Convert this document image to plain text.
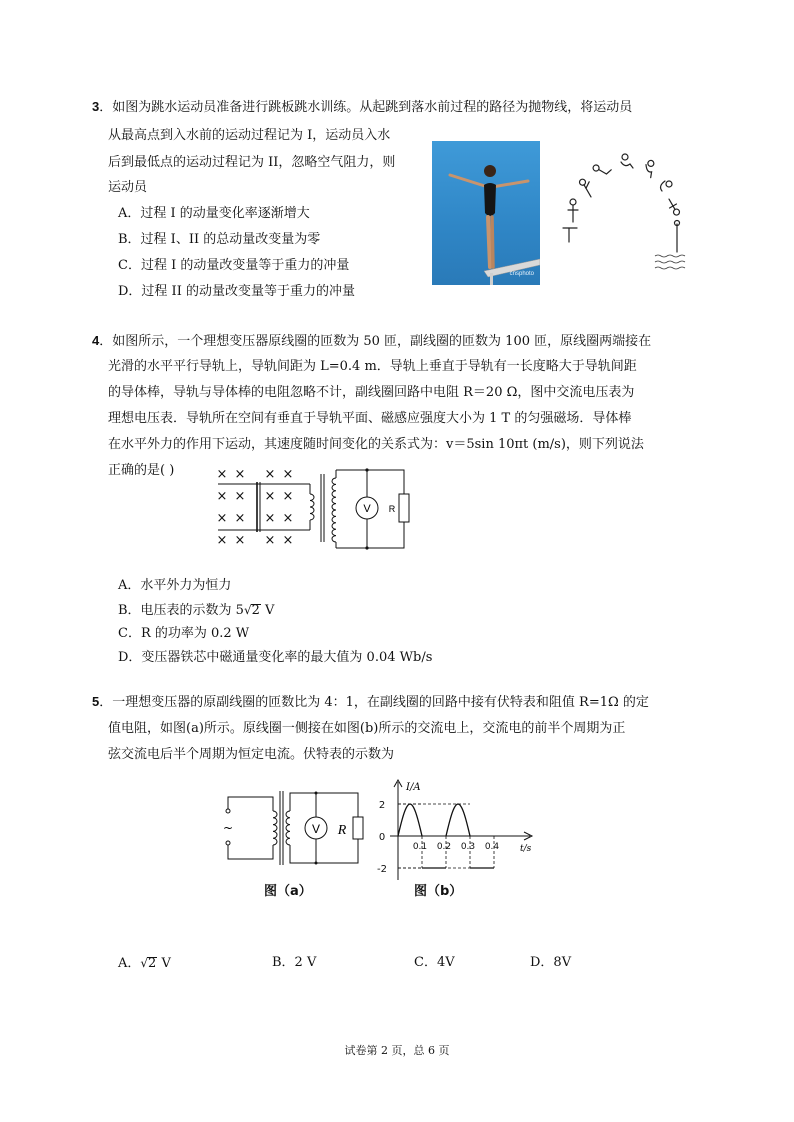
3．如图为跳水运动员准备进行跳板跳水训练。从起跳到落水前过程的路径为抛物线，将运动员
从最高点到入水前的运动过程记为 I，运动员入水
后到最低点的运动过程记为 II，忽略空气阻力，则
运动员
A．过程 I 的动量变化率逐渐增大
B．过程 I、II 的总动量改变量为零
C．过程 I 的动量改变量等于重力的冲量
D．过程 II 的动量改变量等于重力的冲量
cnsphoto
4．如图所示，一个理想变压器原线圈的匝数为 50 匝，副线圈的匝数为 100 匝，原线圈两端接在
光滑的水平平行导轨上，导轨间距为 L=0.4 m．导轨上垂直于导轨有一长度略大于导轨间距
的导体棒，导轨与导体棒的电阻忽略不计，副线圈回路中电阻 R＝20 Ω，图中交流电压表为
理想电压表．导轨所在空间有垂直于导轨平面、磁感应强度大小为 1 T 的匀强磁场．导体棒
在水平外力的作用下运动，其速度随时间变化的关系式为：v＝5sin 10πt (m/s)，则下列说法
正确的是( )
V R
× × × ×
× × × ×
× × × ×
× × × ×
A．水平外力为恒力
B．电压表的示数为 5√2 V
C．R 的功率为 0.2 W
D．变压器铁芯中磁通量变化率的最大值为 0.04 Wb/s
5．一理想变压器的原副线圈的匝数比为 4：1，在副线圈的回路中接有伏特表和阻值 R=1Ω 的定
值电阻，如图(a)所示。原线圈一侧接在如图(b)所示的交流电上，交流电的前半个周期为正
弦交流电后半个周期为恒定电流。伏特表的示数为
~	V R
图（a）
2
0
-2
0.1 0.2 0.3 0.4
I/A
t/s
图（b）
A．√2 V	B．2 V	C．4V	D．8V
试卷第 2 页，总 6 页
